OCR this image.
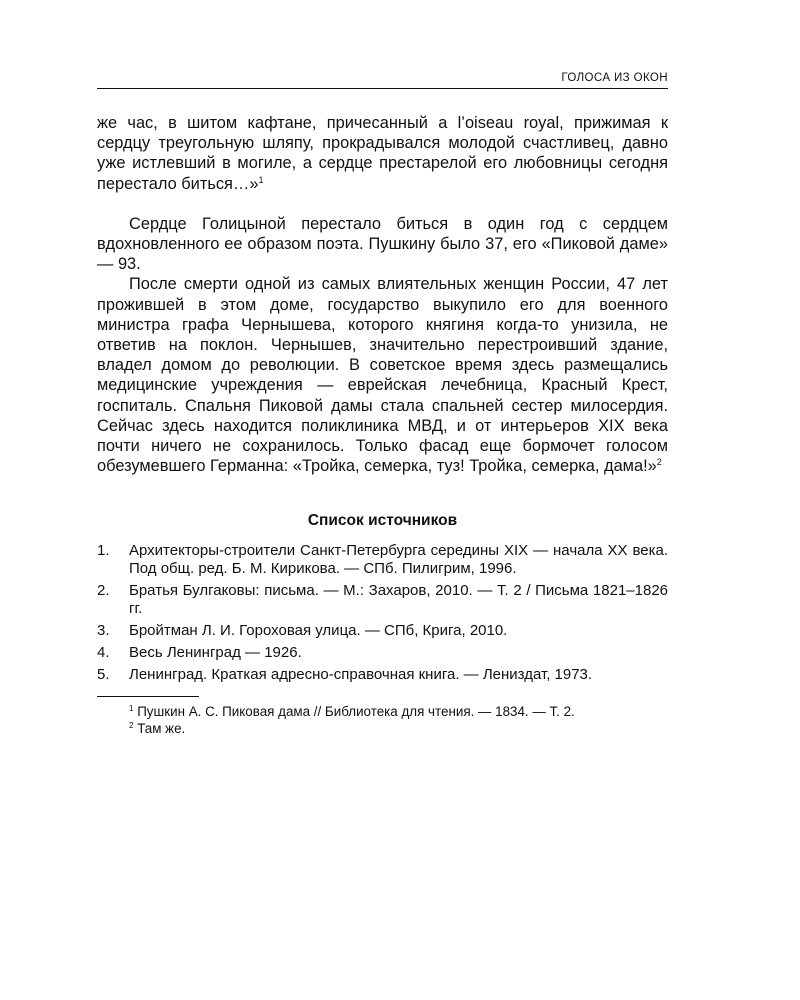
ГОЛОСА ИЗ ОКОН

же час, в шитом кафтане, причесанный а l’oiseau royal, прижимая к сердцу треугольную шляпу, прокрадывался молодой счастливец, давно уже истлевший в могиле, а сердце престарелой его любовницы сегодня перестало биться…»$^1$

Сердце Голицыной перестало биться в один год с сердцем вдохновленного ее образом поэта. Пушкину было 37, его «Пиковой даме» — 93.

После смерти одной из самых влиятельных женщин России, 47 лет прожившей в этом доме, государство выкупило его для военного министра графа Чернышева, которого княгиня когда-то унизила, не ответив на поклон. Чернышев, значительно перестроивший здание, владел домом до революции. В советское время здесь размещались медицинские учреждения — еврейская лечебница, Красный Крест, госпиталь. Спальня Пиковой дамы стала спальней сестер милосердия. Сейчас здесь находится поликлиника МВД, и от интерьеров XIX века почти ничего не сохранилось. Только фасад еще бормочет голосом обезумевшего Германна: «Тройка, семерка, туз! Тройка, семерка, дама!»$^2$

Список источников
1. Архитекторы-строители Санкт-Петербурга середины XIX — начала XX века. Под общ. ред. Б. М. Кирикова. — СПб. Пилигрим, 1996.
2. Братья Булгаковы: письма. — М.: Захаров, 2010. — Т. 2 / Письма 1821–1826 гг.
3. Бройтман Л. И. Гороховая улица. — СПб, Крига, 2010.
4. Весь Ленинград — 1926.
5. Ленинград. Краткая адресно-справочная книга. — Лениздат, 1973.

$^1$ Пушкин А. С. Пиковая дама // Библиотека для чтения. — 1834. — Т. 2.

$^2$ Там же.
